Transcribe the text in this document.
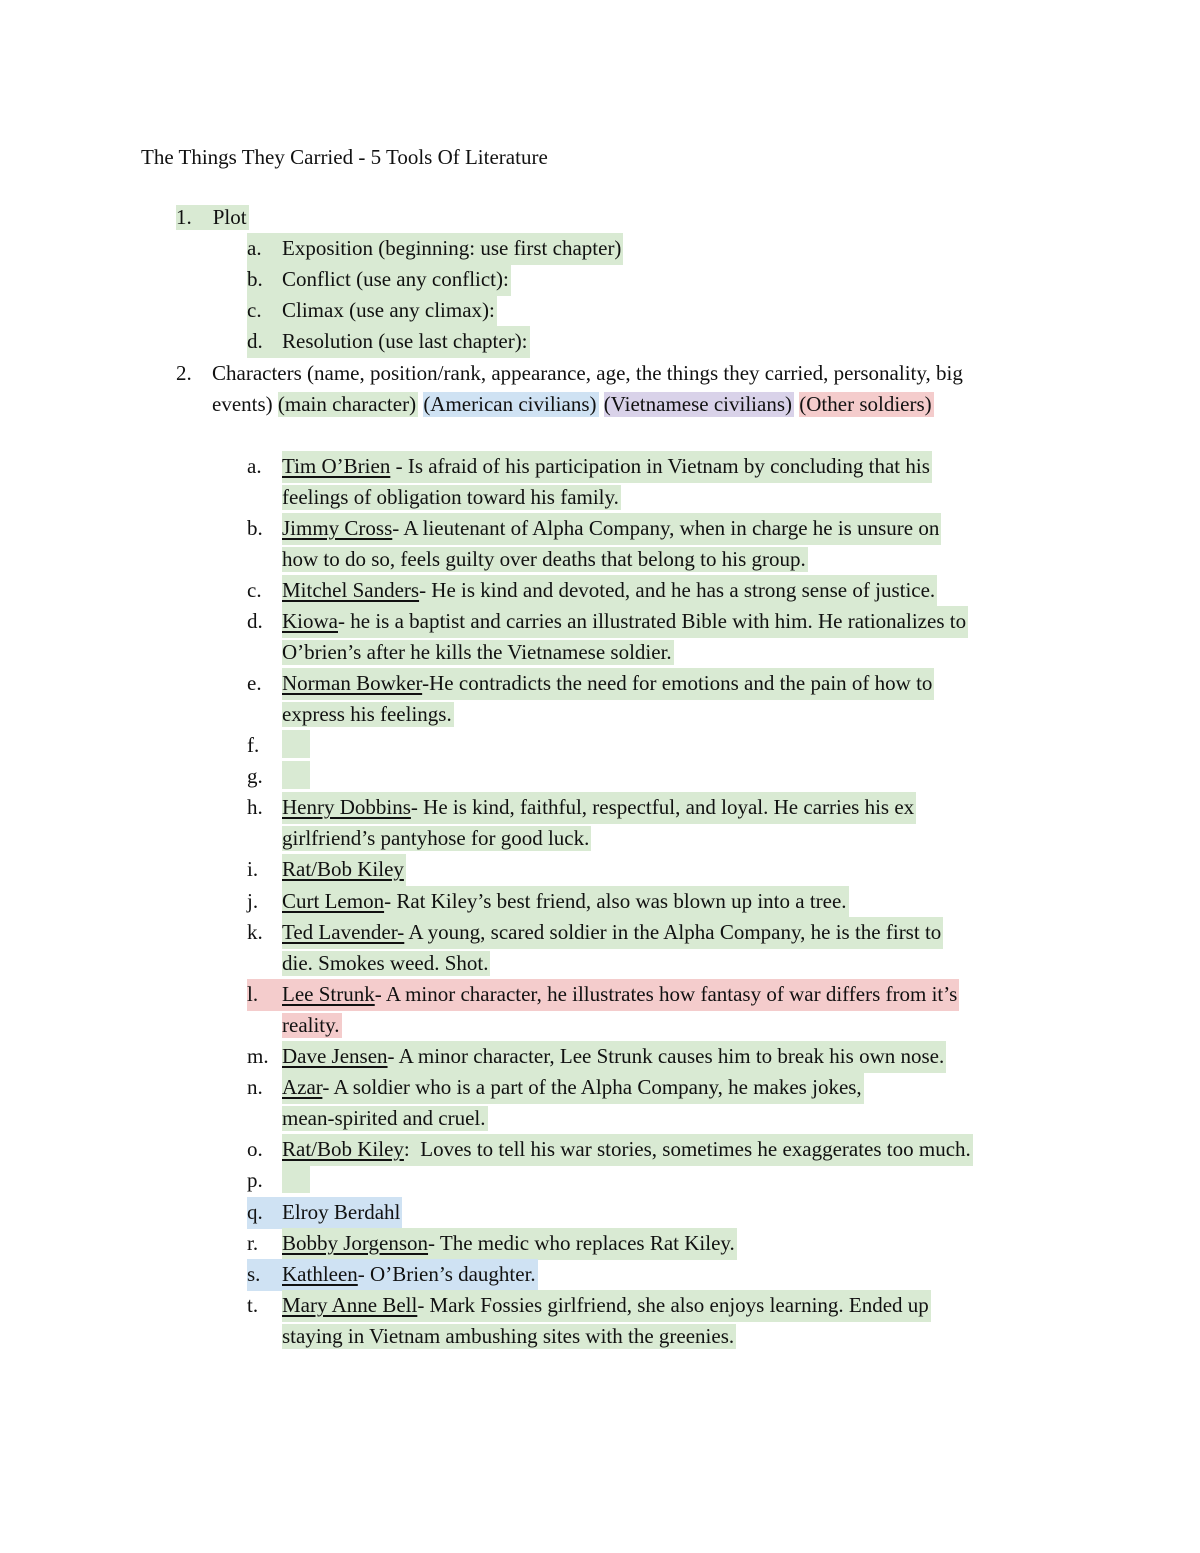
The Things They Carried - 5 Tools Of Literature
1. Plot
a. Exposition (beginning: use first chapter)
b. Conflict (use any conflict):
c. Climax (use any climax):
d. Resolution (use last chapter):
2. Characters (name, position/rank, appearance, age, the things they carried, personality, big
events) (main character) (American civilians) (Vietnamese civilians) (Other soldiers)
a. Tim O’Brien - Is afraid of his participation in Vietnam by concluding that his
feelings of obligation toward his family.
b. Jimmy Cross- A lieutenant of Alpha Company, when in charge he is unsure on
how to do so, feels guilty over deaths that belong to his group.
c. Mitchel Sanders- He is kind and devoted, and he has a strong sense of justice.
d. Kiowa- he is a baptist and carries an illustrated Bible with him. He rationalizes to
O’brien’s after he kills the Vietnamese soldier.
e. Norman Bowker-He contradicts the need for emotions and the pain of how to
express his feelings.
f.
g.
h. Henry Dobbins- He is kind, faithful, respectful, and loyal. He carries his ex
girlfriend’s pantyhose for good luck.
i. Rat/Bob Kiley
j. Curt Lemon- Rat Kiley’s best friend, also was blown up into a tree.
k. Ted Lavender- A young, scared soldier in the Alpha Company, he is the first to
die. Smokes weed. Shot.
l.	Lee Strunk- A minor character, he illustrates how fantasy of war differs from it’s
reality.
m. Dave Jensen- A minor character, Lee Strunk causes him to break his own nose.
n. Azar- A soldier who is a part of the Alpha Company, he makes jokes,
mean-spirited and cruel.
o. Rat/Bob Kiley:  Loves to tell his war stories, sometimes he exaggerates too much.
p.
q. Elroy Berdahl
r. Bobby Jorgenson- The medic who replaces Rat Kiley.
s.	Kathleen- O’Brien’s daughter.
t. Mary Anne Bell- Mark Fossies girlfriend, she also enjoys learning. Ended up
staying in Vietnam ambushing sites with the greenies.
